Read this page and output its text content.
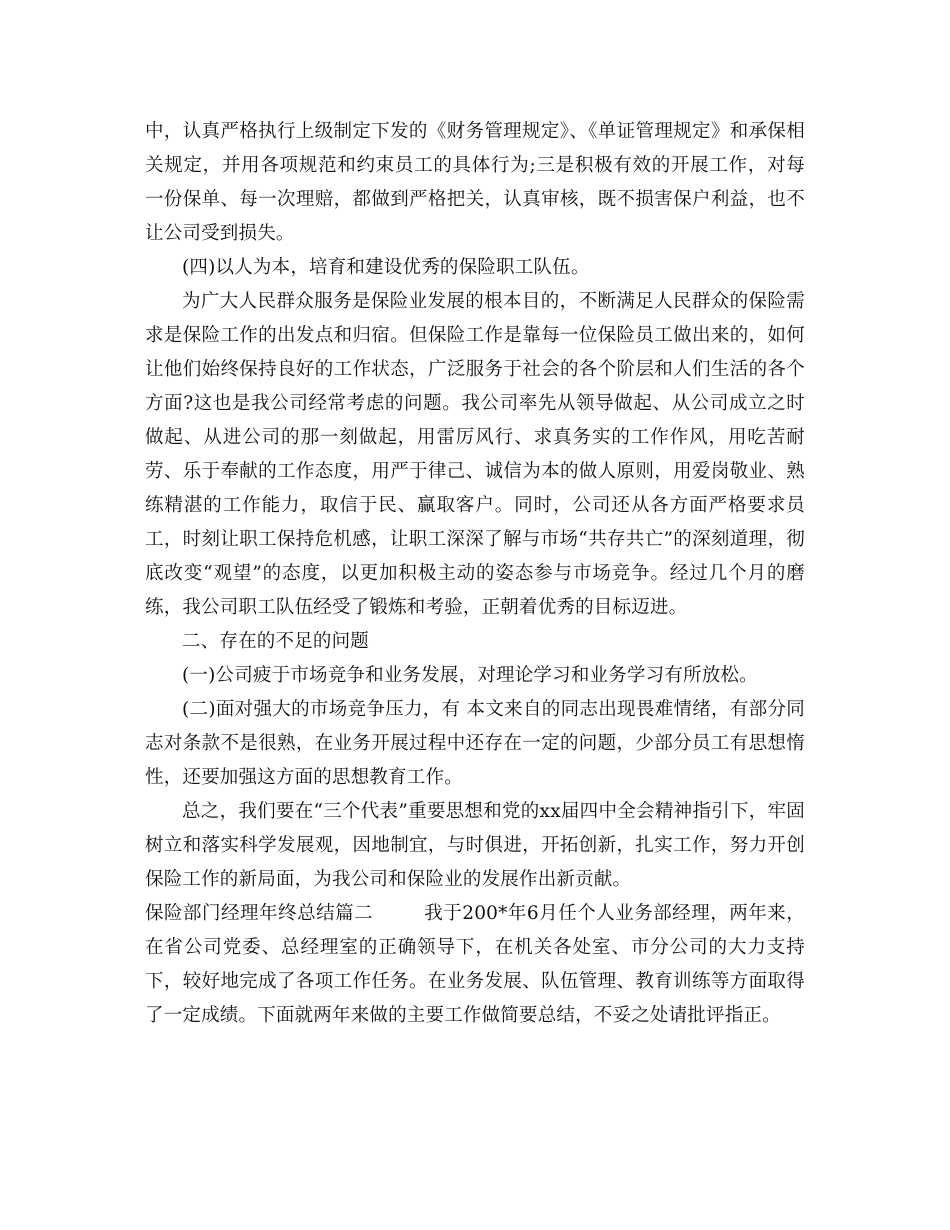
中，认真严格执行上级制定下发的《财务管理规定》、《单证管理规定》和承保相关规定，并用各项规范和约束员工的具体行为;三是积极有效的开展工作，对每一份保单、每一次理赔，都做到严格把关，认真审核，既不损害保户利益，也不让公司受到损失。

(四)以人为本，培育和建设优秀的保险职工队伍。

为广大人民群众服务是保险业发展的根本目的，不断满足人民群众的保险需求是保险工作的出发点和归宿。但保险工作是靠每一位保险员工做出来的，如何让他们始终保持良好的工作状态，广泛服务于社会的各个阶层和人们生活的各个方面?这也是我公司经常考虑的问题。我公司率先从领导做起、从公司成立之时做起、从进公司的那一刻做起，用雷厉风行、求真务实的工作作风，用吃苦耐劳、乐于奉献的工作态度，用严于律己、诚信为本的做人原则，用爱岗敬业、熟练精湛的工作能力，取信于民、赢取客户。同时，公司还从各方面严格要求员工，时刻让职工保持危机感，让职工深深了解与市场“共存共亡”的深刻道理，彻底改变“观望”的态度，以更加积极主动的姿态参与市场竞争。经过几个月的磨练，我公司职工队伍经受了锻炼和考验，正朝着优秀的目标迈进。

二、存在的不足的问题

(一)公司疲于市场竞争和业务发展，对理论学习和业务学习有所放松。

(二)面对强大的市场竞争压力，有 本文来自的同志出现畏难情绪，有部分同志对条款不是很熟，在业务开展过程中还存在一定的问题，少部分员工有思想惰性，还要加强这方面的思想教育工作。

总之，我们要在“三个代表”重要思想和党的xx届四中全会精神指引下，牢固树立和落实科学发展观，因地制宜，与时俱进，开拓创新，扎实工作，努力开创保险工作的新局面，为我公司和保险业的发展作出新贡献。

保险部门经理年终总结篇二	我于200*年6月任个人业务部经理，两年来，在省公司党委、总经理室的正确领导下，在机关各处室、市分公司的大力支持下，较好地完成了各项工作任务。在业务发展、队伍管理、教育训练等方面取得了一定成绩。下面就两年来做的主要工作做简要总结，不妥之处请批评指正。
